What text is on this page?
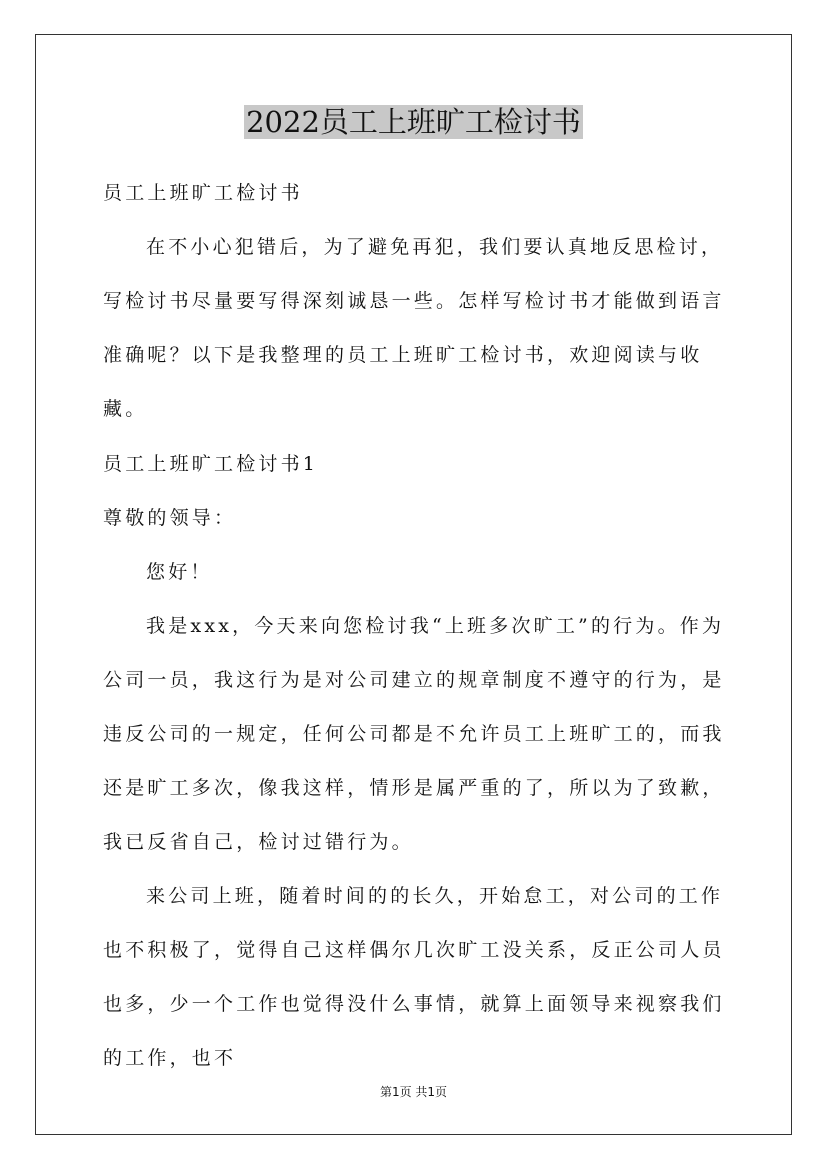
2022员工上班旷工检讨书

员工上班旷工检讨书

在不小心犯错后，为了避免再犯，我们要认真地反思检讨，写检讨书尽量要写得深刻诚恳一些。怎样写检讨书才能做到语言准确呢？以下是我整理的员工上班旷工检讨书，欢迎阅读与收藏。

员工上班旷工检讨书1

尊敬的领导：

您好！

我是xxx，今天来向您检讨我“上班多次旷工”的行为。作为公司一员，我这行为是对公司建立的规章制度不遵守的行为，是违反公司的一规定，任何公司都是不允许员工上班旷工的，而我还是旷工多次，像我这样，情形是属严重的了，所以为了致歉，我已反省自己，检讨过错行为。

来公司上班，随着时间的的长久，开始怠工，对公司的工作也不积极了，觉得自己这样偶尔几次旷工没关系，反正公司人员也多，少一个工作也觉得没什么事情，就算上面领导来视察我们的工作，也不

第1页 共1页
